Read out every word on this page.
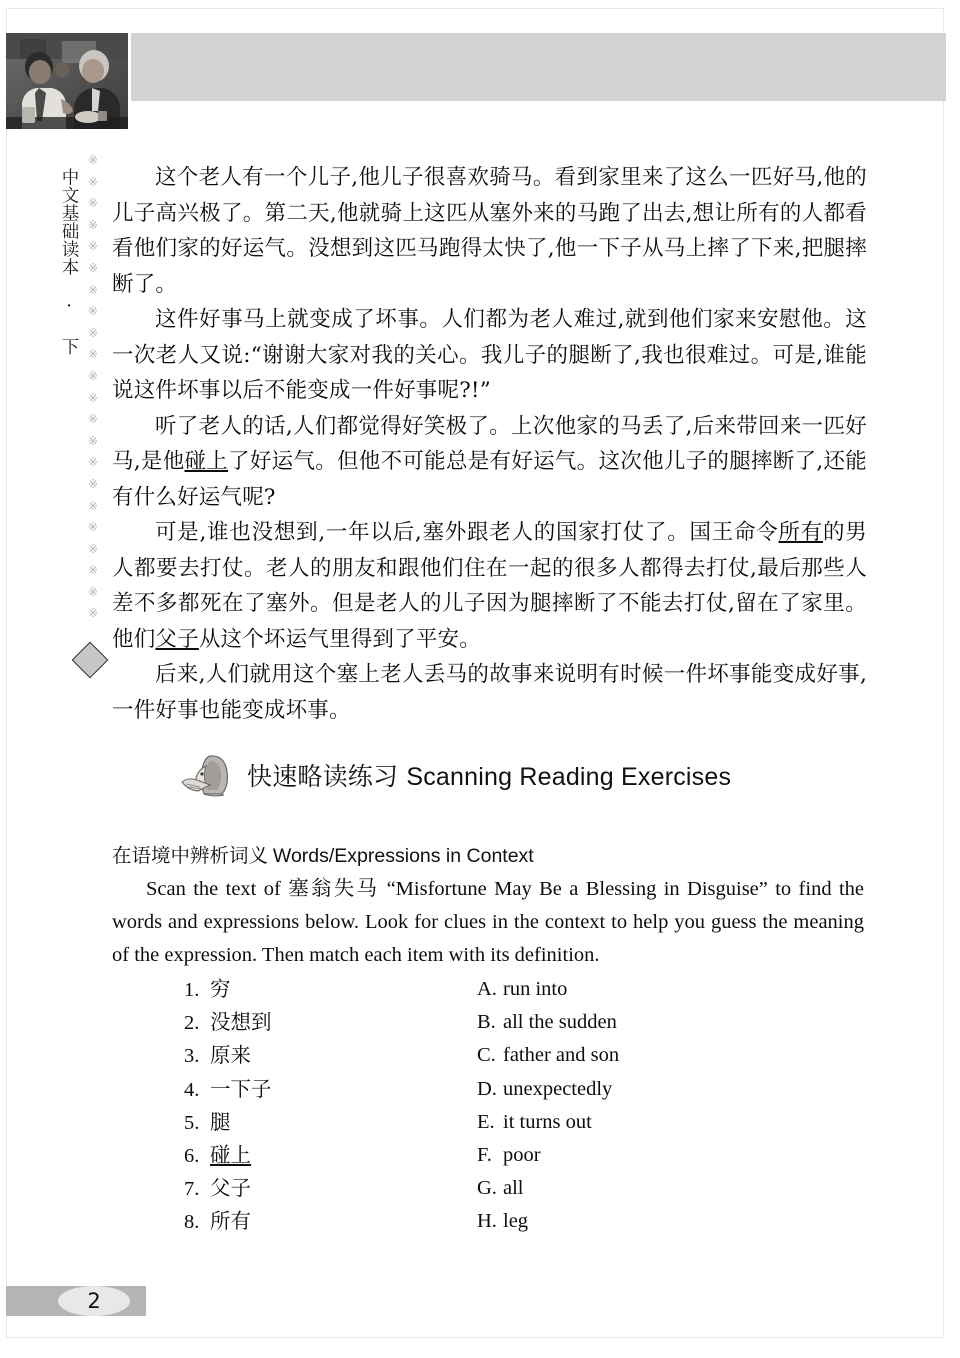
中文基础读本 · 下
※
※
※
※
※
※
※
※
※
※
※
※
※
※
※
※
※
※
※
※
※
※

这个老人有一个儿子,他儿子很喜欢骑马。看到家里来了这么一匹好马,他的儿子高兴极了。第二天,他就骑上这匹从塞外来的马跑了出去,想让所有的人都看看他们家的好运气。没想到这匹马跑得太快了,他一下子从马上摔了下来,把腿摔断了。

这件好事马上就变成了坏事。人们都为老人难过,就到他们家来安慰他。这一次老人又说:“谢谢大家对我的关心。我儿子的腿断了,我也很难过。可是,谁能说这件坏事以后不能变成一件好事呢?!”

听了老人的话,人们都觉得好笑极了。上次他家的马丢了,后来带回来一匹好马,是他碰上了好运气。但他不可能总是有好运气。这次他儿子的腿摔断了,还能有什么好运气呢?

可是,谁也没想到,一年以后,塞外跟老人的国家打仗了。国王命令所有的男人都要去打仗。老人的朋友和跟他们住在一起的很多人都得去打仗,最后那些人差不多都死在了塞外。但是老人的儿子因为腿摔断了不能去打仗,留在了家里。他们父子从这个坏运气里得到了平安。

后来,人们就用这个塞上老人丢马的故事来说明有时候一件坏事能变成好事,一件好事也能变成坏事。

快速略读练习 Scanning Reading Exercises
在语境中辨析词义 Words/Expressions in Context
Scan the text of 塞翁失马 “Misfortune May Be a Blessing in Disguise” to find the words and expressions below. Look for clues in the context to help you guess the meaning of the expression. Then match each item with its definition.
1. 穷
2. 没想到
3. 原来
4. 一下子
5. 腿
6. 碰上
7. 父子
8. 所有
A. run into
B. all the sudden
C. father and son
D. unexpectedly
E. it turns out
F. poor
G. all
H. leg
2
